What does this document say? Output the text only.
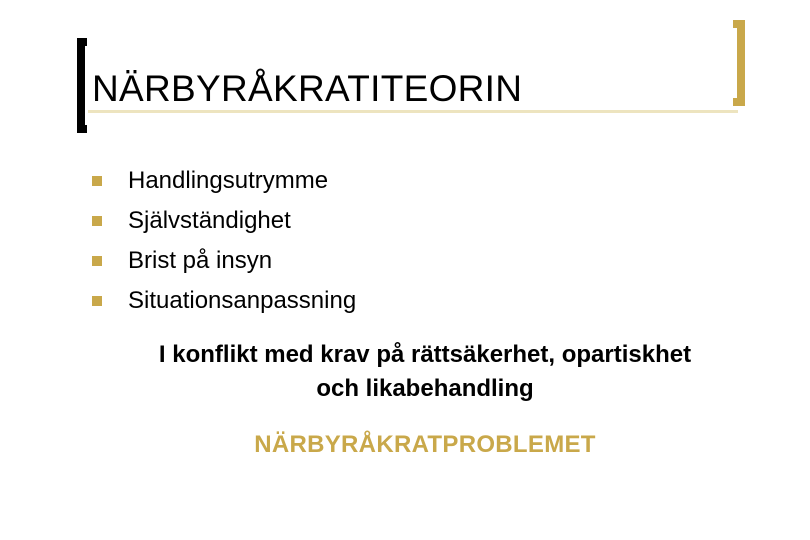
NÄRBYRÅKRATITEORIN
Handlingsutrymme
Självständighet
Brist på insyn
Situationsanpassning
I konflikt med krav på rättsäkerhet, opartiskhet
och likabehandling
NÄRBYRÅKRATPROBLEMET
